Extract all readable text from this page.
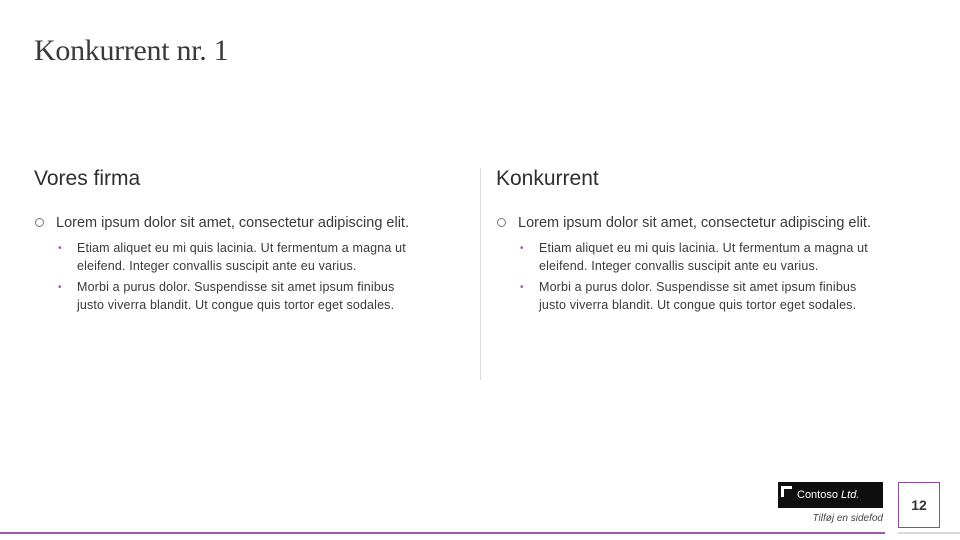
Konkurrent nr. 1
Vores firma
Lorem ipsum dolor sit amet, consectetur adipiscing elit.
• Etiam aliquet eu mi quis lacinia. Ut fermentum a magna ut eleifend. Integer convallis suscipit ante eu varius.
• Morbi a purus dolor. Suspendisse sit amet ipsum finibus justo viverra blandit. Ut congue quis tortor eget sodales.
Konkurrent
Lorem ipsum dolor sit amet, consectetur adipiscing elit.
• Etiam aliquet eu mi quis lacinia. Ut fermentum a magna ut eleifend. Integer convallis suscipit ante eu varius.
• Morbi a purus dolor. Suspendisse sit amet ipsum finibus justo viverra blandit. Ut congue quis tortor eget sodales.
Contoso Ltd.
Tilføj en sidefod
12
